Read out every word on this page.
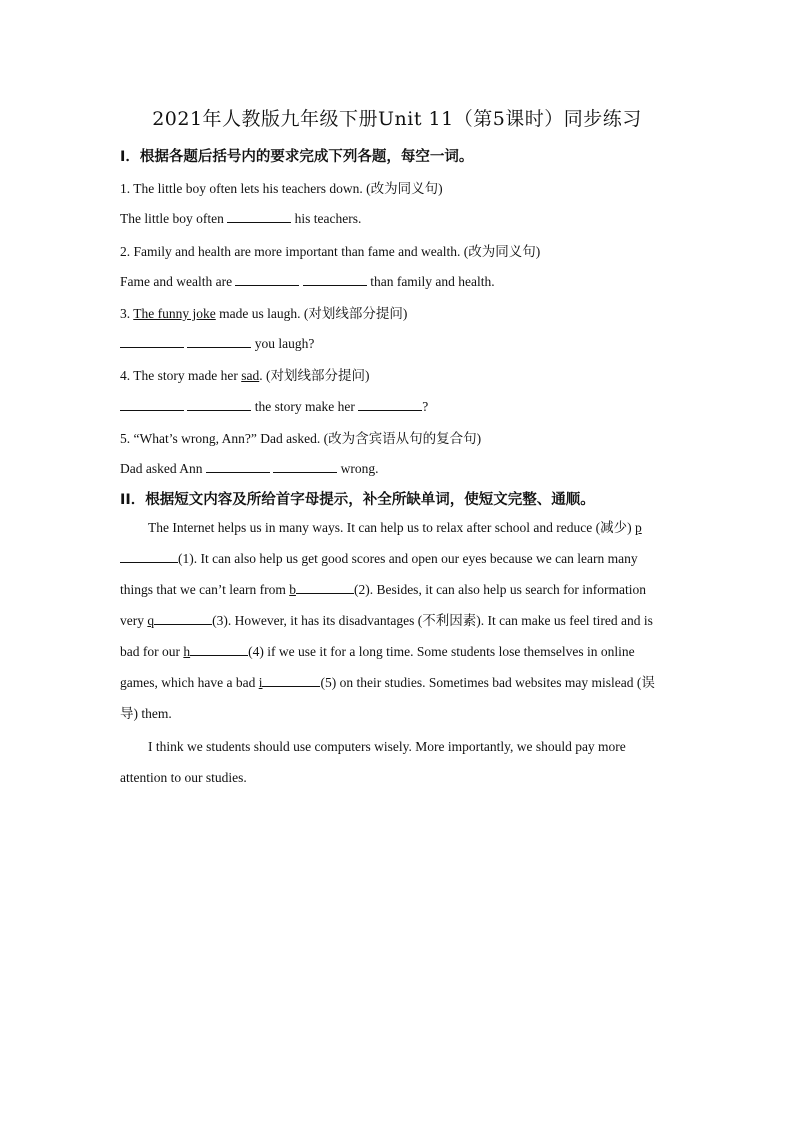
2021年人教版九年级下册Unit 11（第5课时）同步练习
I．根据各题后括号内的要求完成下列各题，每空一词。
1. The little boy often lets his teachers down. (改为同义句)
The little boy often	his teachers.
2. Family and health are more important than fame and wealth. (改为同义句)
Fame and wealth are	than family and health.
3. The funny joke made us laugh. (对划线部分提问)
you laugh?
4. The story made her sad. (对划线部分提问)
the story make her	?
5. “What’s wrong, Ann?” Dad asked. (改为含宾语从句的复合句)
Dad asked Ann	wrong.
II．根据短文内容及所给首字母提示，补全所缺单词，使短文完整、通顺。
The Internet helps us in many ways. It can help us to relax after school and reduce (减少) p(1). It can also help us get good scores and open our eyes because we can learn many things that we can’t learn from b	(2). Besides, it can also help us search for information very q	(3). However, it has its disadvantages (不利因素). It can make us feel tired and is bad for our h	(4) if we use it for a long time. Some students lose themselves in online games, which have a bad i	(5) on their studies. Sometimes bad websites may mislead (误导) them.
I think we students should use computers wisely. More importantly, we should pay more attention to our studies.
